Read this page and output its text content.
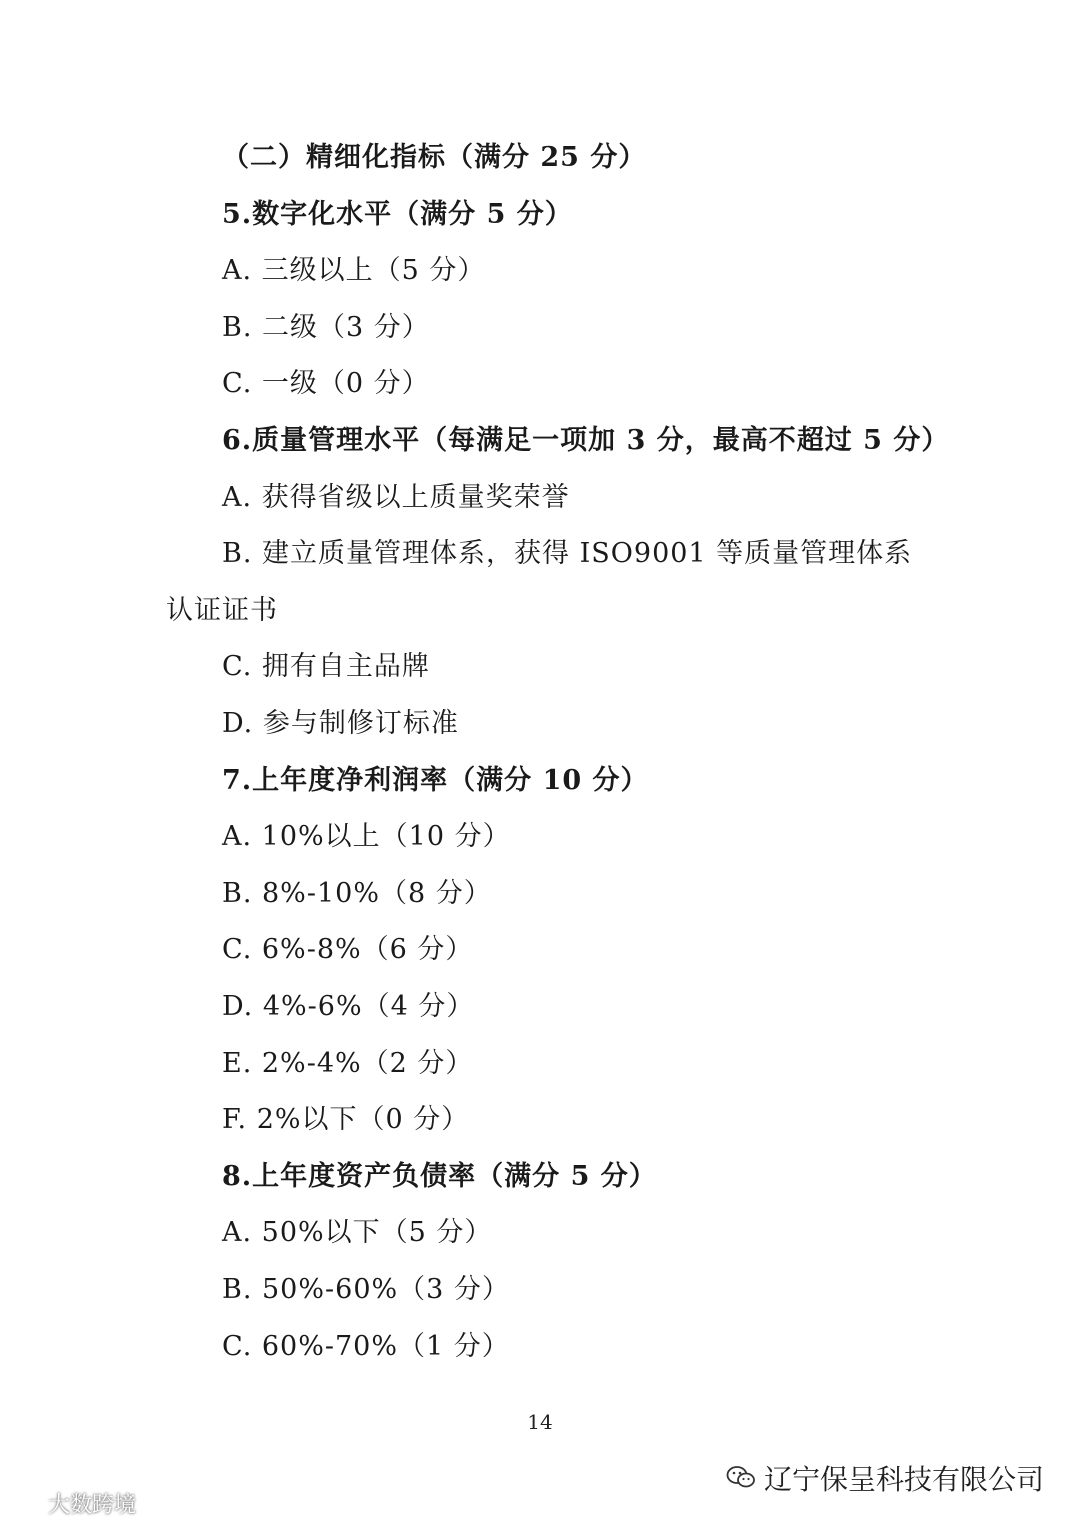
（二）精细化指标（满分 25 分）
5.数字化水平（满分 5 分）
A. 三级以上（5 分）
B. 二级（3 分）
C. 一级（0 分）
6.质量管理水平（每满足一项加 3 分，最高不超过 5 分）
A. 获得省级以上质量奖荣誉
B. 建立质量管理体系，获得 ISO9001 等质量管理体系
认证证书
C. 拥有自主品牌
D. 参与制修订标准
7.上年度净利润率（满分 10 分）
A. 10%以上（10 分）
B. 8%-10%（8 分）
C. 6%-8%（6 分）
D. 4%-6%（4 分）
E. 2%-4%（2 分）
F. 2%以下（0 分）
8.上年度资产负债率（满分 5 分）
A. 50%以下（5 分）
B. 50%-60%（3 分）
C. 60%-70%（1 分）
14
辽宁保呈科技有限公司
大数跨境
